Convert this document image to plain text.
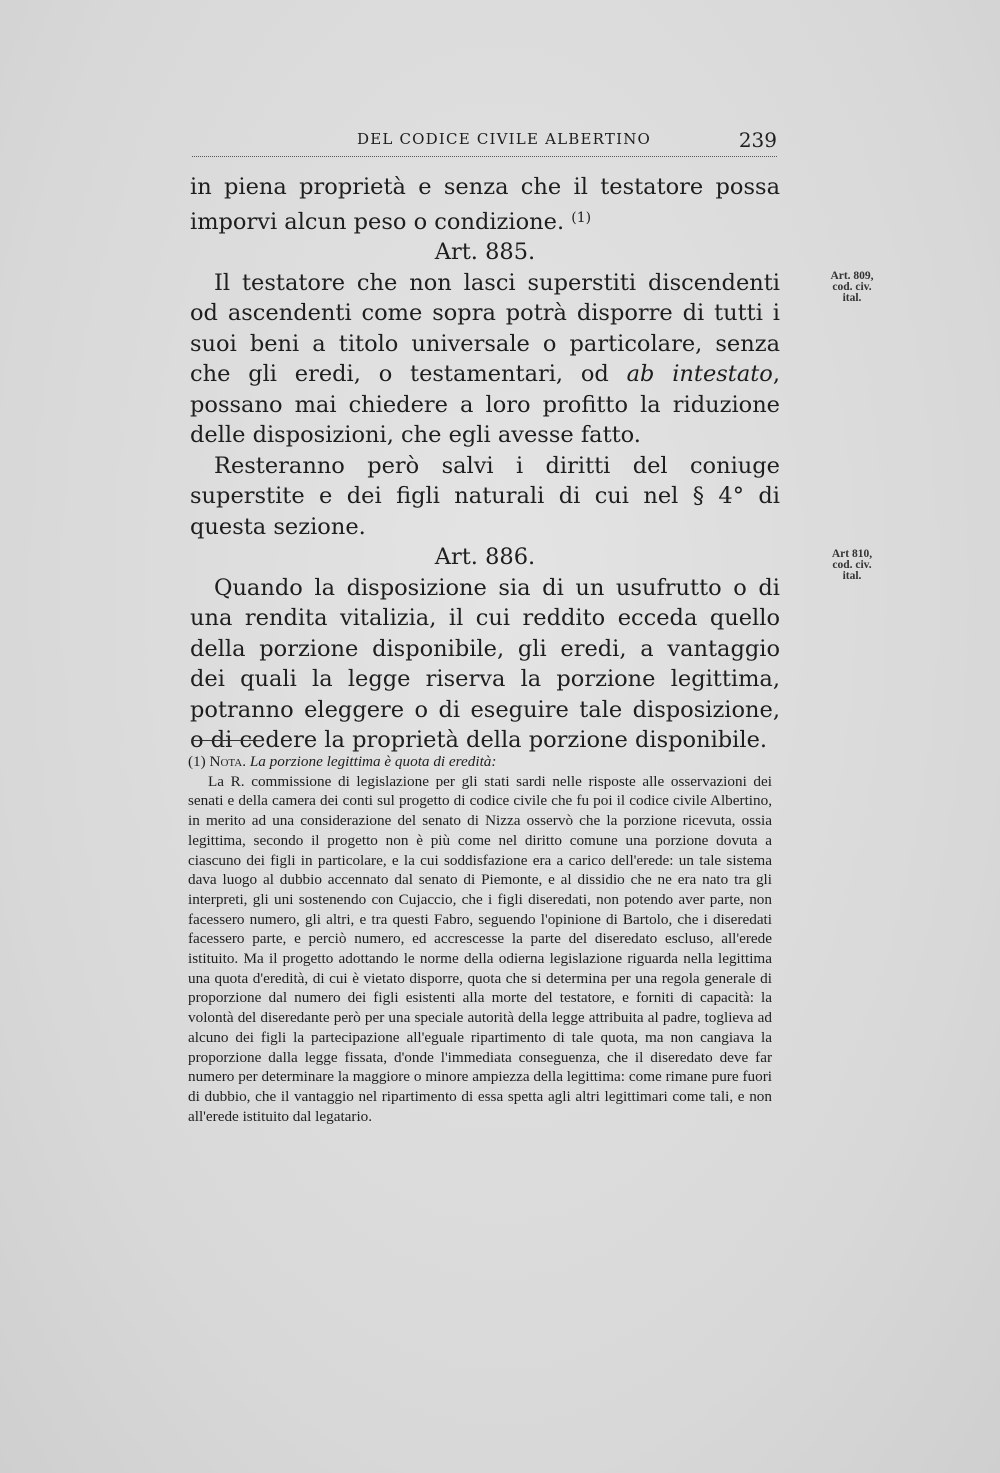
DEL CODICE CIVILE ALBERTINO	239

in piena proprietà e senza che il testatore possa imporvi alcun peso o condizione. $^{(1)}$

Art. 885.

Il testatore che non lasci superstiti discendenti od ascendenti come sopra potrà disporre di tutti i suoi beni a titolo universale o particolare, senza che gli eredi, o testamentari, od ab intestato, possano mai chiedere a loro profitto la riduzione delle disposizioni, che egli avesse fatto.

Resteranno però salvi i diritti del coniuge superstite e dei figli naturali di cui nel § 4° di questa sezione.

Art. 886.

Quando la disposizione sia di un usufrutto o di una rendita vitalizia, il cui reddito ecceda quello della porzione disponibile, gli eredi, a vantaggio dei quali la legge riserva la porzione legittima, potranno eleggere o di eseguire tale disposizione, o di cedere la proprietà della porzione disponibile.

Art. 809,
cod. civ. ital.
Art 810,
cod. civ. ital.

(1) Nota. La porzione legittima è quota di eredità:

La R. commissione di legislazione per gli stati sardi nelle risposte alle osservazioni dei senati e della camera dei conti sul progetto di codice civile che fu poi il codice civile Albertino, in merito ad una considerazione del senato di Nizza osservò che la porzione ricevuta, ossia legittima, secondo il progetto non è più come nel diritto comune una porzione dovuta a ciascuno dei figli in particolare, e la cui soddisfazione era a carico dell'erede: un tale sistema dava luogo al dubbio accennato dal senato di Piemonte, e al dissidio che ne era nato tra gli interpreti, gli uni sostenendo con Cujaccio, che i figli diseredati, non potendo aver parte, non facessero numero, gli altri, e tra questi Fabro, seguendo l'opinione di Bartolo, che i diseredati facessero parte, e perciò numero, ed accrescesse la parte del diseredato escluso, all'erede istituito. Ma il progetto adottando le norme della odierna legislazione riguarda nella legittima una quota d'eredità, di cui è vietato disporre, quota che si determina per una regola generale di proporzione dal numero dei figli esistenti alla morte del testatore, e forniti di capacità: la volontà del diseredante però per una speciale autorità della legge attribuita al padre, toglieva ad alcuno dei figli la partecipazione all'eguale ripartimento di tale quota, ma non cangiava la proporzione dalla legge fissata, d'onde l'immediata conseguenza, che il diseredato deve far numero per determinare la maggiore o minore ampiezza della legittima: come rimane pure fuori di dubbio, che il vantaggio nel ripartimento di essa spetta agli altri legittimari come tali, e non all'erede istituito dal legatario.
